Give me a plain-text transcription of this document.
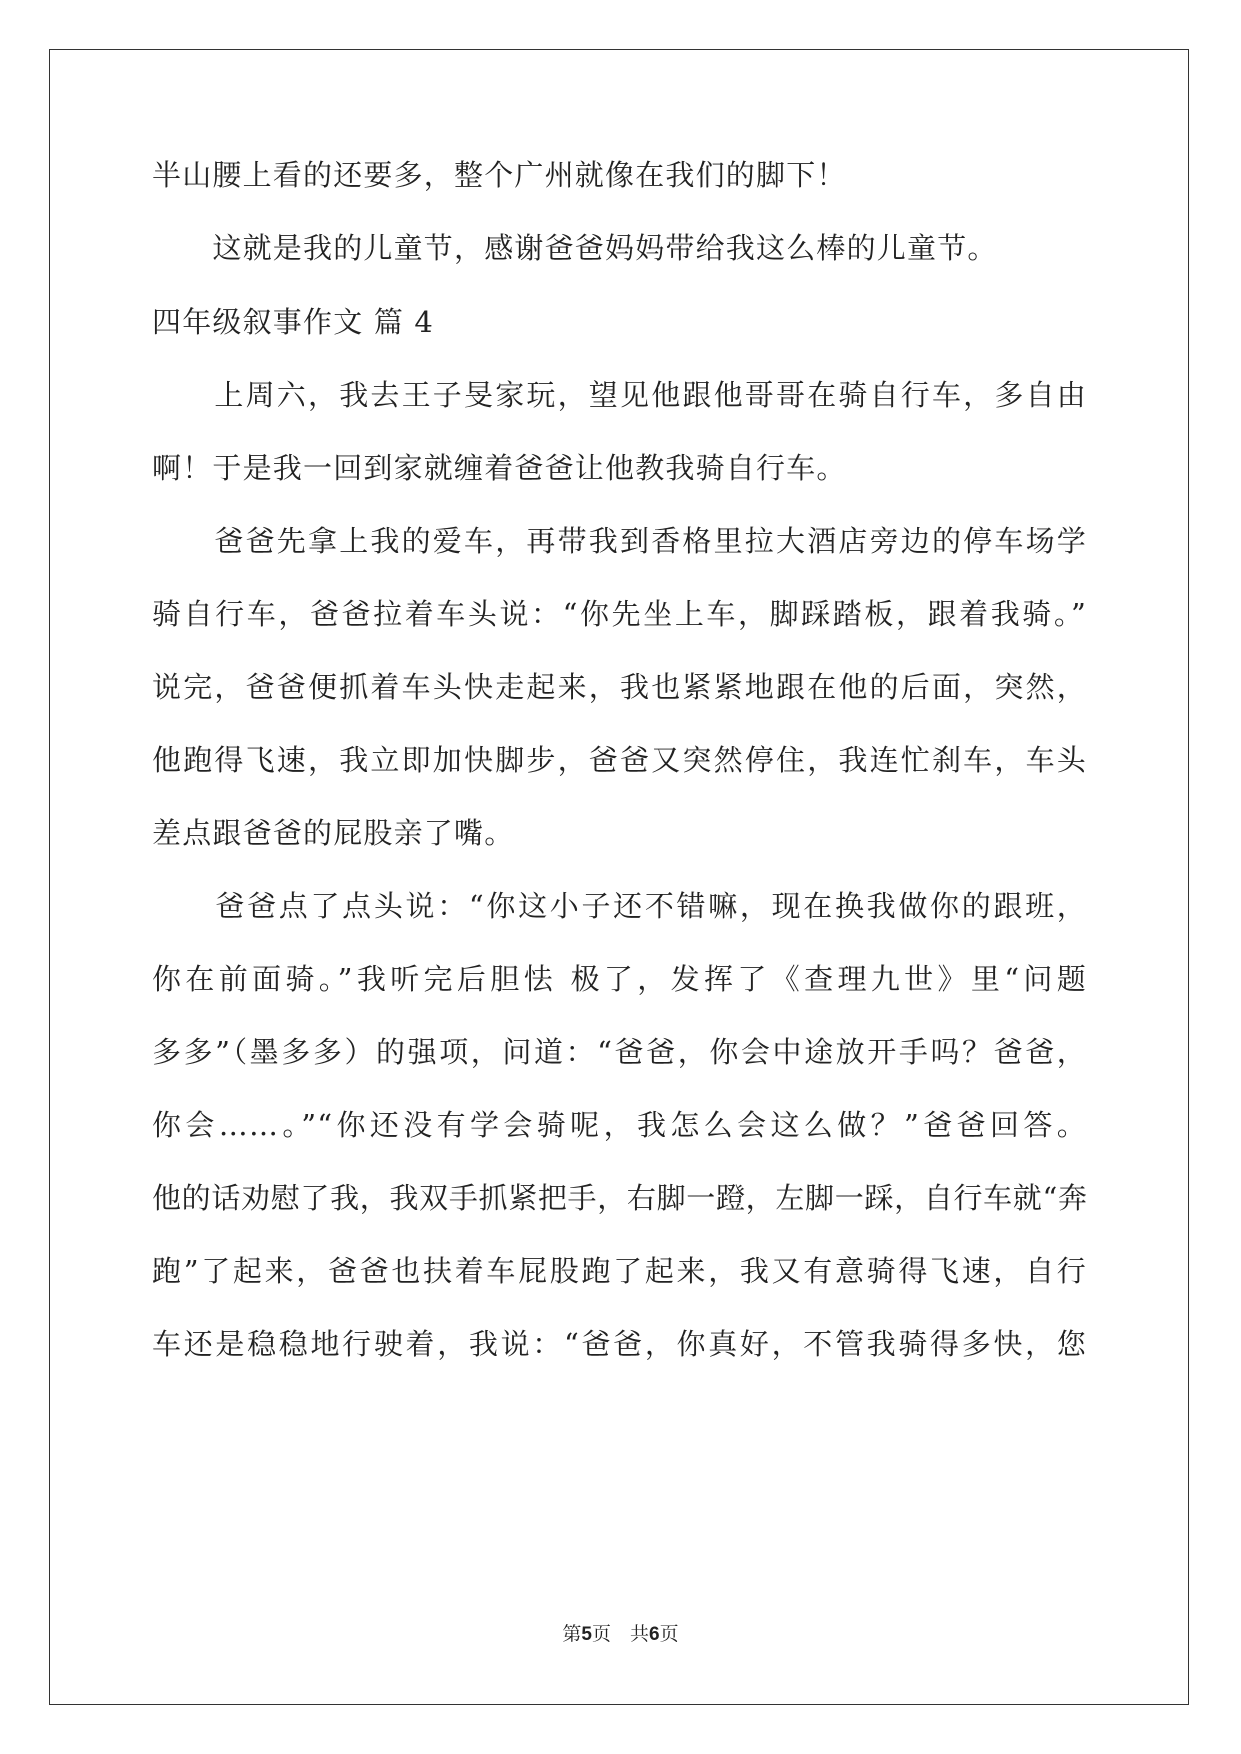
半山腰上看的还要多，整个广州就像在我们的脚下！
　　这就是我的儿童节，感谢爸爸妈妈带给我这么棒的儿童节。
四年级叙事作文 篇 4
　　上周六，我去王子旻家玩，望见他跟他哥哥在骑自行车，多自由
啊！于是我一回到家就缠着爸爸让他教我骑自行车。
　　爸爸先拿上我的爱车，再带我到香格里拉大酒店旁边的停车场学
骑自行车，爸爸拉着车头说：“你先坐上车，脚踩踏板，跟着我骑。”
说完，爸爸便抓着车头快走起来，我也紧紧地跟在他的后面，突然，
他跑得飞速，我立即加快脚步，爸爸又突然停住，我连忙刹车，车头
差点跟爸爸的屁股亲了嘴。
　　爸爸点了点头说：“你这小子还不错嘛，现在换我做你的跟班，
你在前面骑。”我听完后胆怯 极了，发挥了《查理九世》里“问题
多多”（墨多多）的强项，问道：“爸爸，你会中途放开手吗？爸爸，
你会……。”“你还没有学会骑呢，我怎么会这么做？”爸爸回答。
他的话劝慰了我，我双手抓紧把手，右脚一蹬，左脚一踩，自行车就“奔
跑”了起来，爸爸也扶着车屁股跑了起来，我又有意骑得飞速，自行
车还是稳稳地行驶着，我说：“爸爸，你真好，不管我骑得多快，您
第5页　共6页
